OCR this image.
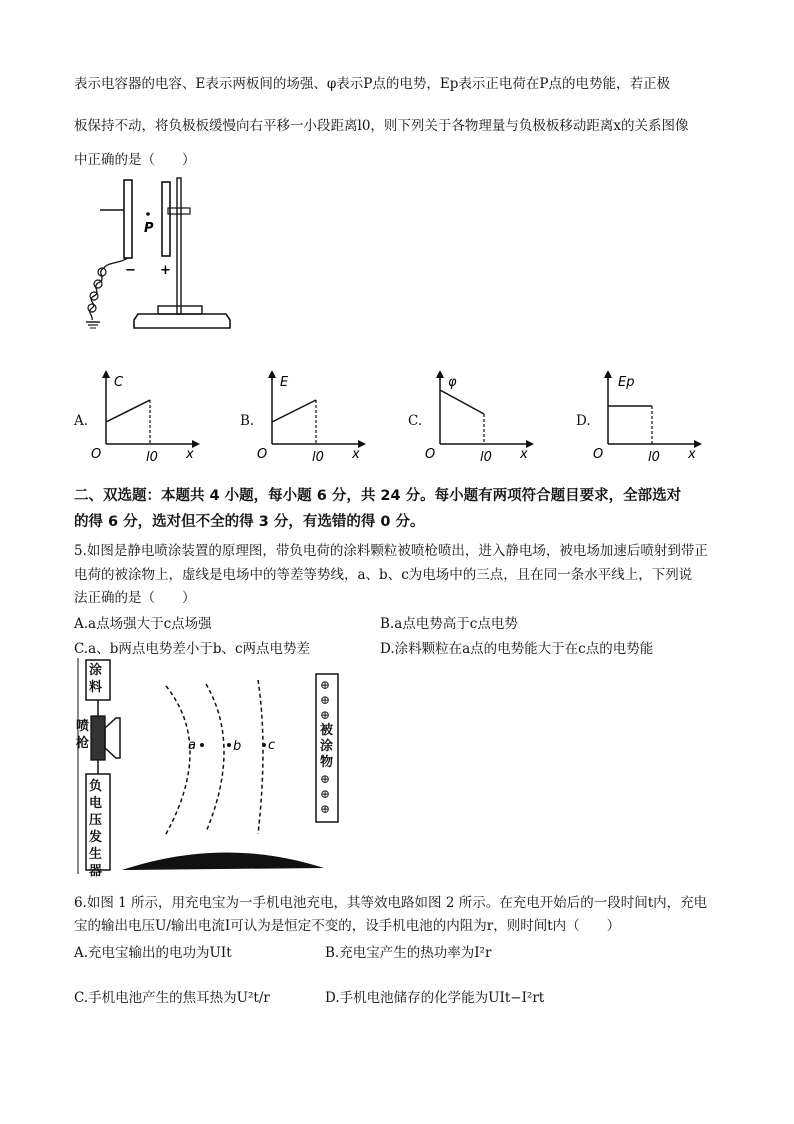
表示电容器的电容、E表示两板间的场强、φ表示P点的电势，Ep表示正电荷在P点的电势能，若正极
板保持不动，将负极板缓慢向右平移一小段距离l0，则下列关于各物理量与负极板移动距离x的关系图像
中正确的是（　　）
P
− +
A.
C
O	l0 x
B.
E
O	l0 x
C.
φ
O	l0 x
D.
Ep
O	l0 x
二、双选题：本题共 4 小题，每小题 6 分，共 24 分。每小题有两项符合题目要求，全部选对
的得 6 分，选对但不全的得 3 分，有选错的得 0 分。
5.如图是静电喷涂装置的原理图，带负电荷的涂料颗粒被喷枪喷出，进入静电场，被电场加速后喷射到带正
电荷的被涂物上，虚线是电场中的等差等势线，a、b、c为电场中的三点，且在同一条水平线上，下列说
法正确的是（　　）
A.a点场强大于c点场强	B.a点电势高于c点电势
C.a、b两点电势差小于b、c两点电势差	D.涂料颗粒在a点的电势能大于在c点的电势能
a	b c
涂料
喷枪
负电压发生器
⊕
⊕
⊕
被涂物
⊕
⊕
⊕
6.如图 1 所示，用充电宝为一手机电池充电，其等效电路如图 2 所示。在充电开始后的一段时间t内，充电
宝的输出电压U/输出电流I可认为是恒定不变的，设手机电池的内阻为r，则时间t内（　　）
A.充电宝输出的电功为UIt	B.充电宝产生的热功率为I²r
C.手机电池产生的焦耳热为U²t/r	D.手机电池储存的化学能为UIt−I²rt
